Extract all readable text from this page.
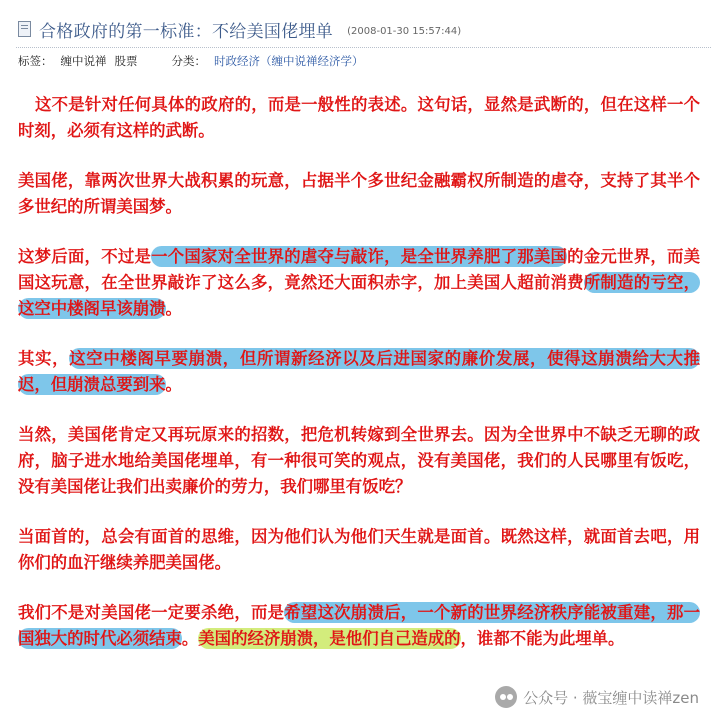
合格政府的第一标准：不给美国佬埋单 (2008-01-30 15:57:44)
标签： 缠中说禅 股票	分类： 时政经济（缠中说禅经济学）

这不是针对任何具体的政府的，而是一般性的表述。这句话，显然是武断的，但在这样一个时刻，必须有这样的武断。

美国佬，靠两次世界大战积累的玩意，占据半个多世纪金融霸权所制造的虐夺，支持了其半个多世纪的所谓美国梦。

这梦后面，不过是一个国家对全世界的虐夺与敲诈，是全世界养肥了那美国的金元世界，而美国这玩意，在全世界敲诈了这么多，竟然还大面积赤字，加上美国人超前消费所制造的亏空，这空中楼阁早该崩溃。

其实，这空中楼阁早要崩溃，但所谓新经济以及后进国家的廉价发展，使得这崩溃给大大推迟，但崩溃总要到来。

当然，美国佬肯定又再玩原来的招数，把危机转嫁到全世界去。因为全世界中不缺乏无聊的政府，脑子进水地给美国佬埋单，有一种很可笑的观点，没有美国佬，我们的人民哪里有饭吃，没有美国佬让我们出卖廉价的劳力，我们哪里有饭吃？

当面首的，总会有面首的思维，因为他们认为他们天生就是面首。既然这样，就面首去吧，用你们的血汗继续养肥美国佬。

我们不是对美国佬一定要杀绝，而是希望这次崩溃后，一个新的世界经济秩序能被重建，那一国独大的时代必须结束。美国的经济崩溃，是他们自己造成的，谁都不能为此埋单。

公众号 · 薇宝缠中读禅zen
